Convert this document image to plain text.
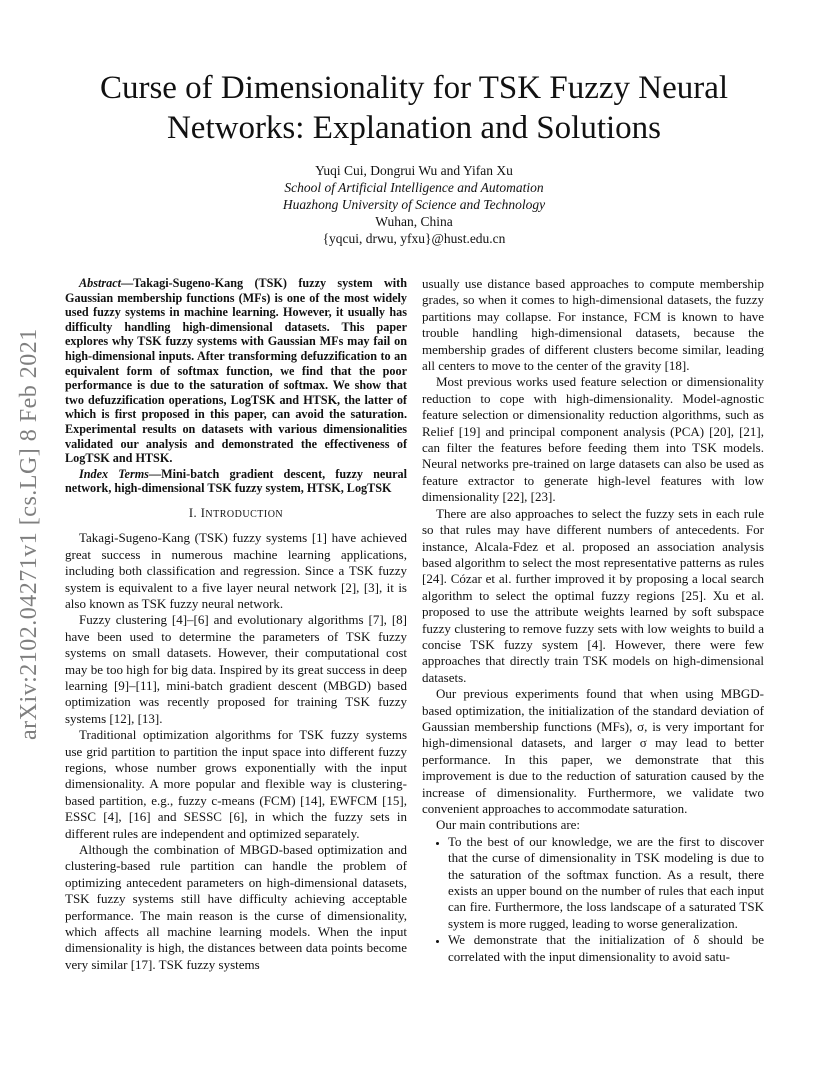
arXiv:2102.04271v1 [cs.LG] 8 Feb 2021
Curse of Dimensionality for TSK Fuzzy Neural Networks: Explanation and Solutions
Yuqi Cui, Dongrui Wu and Yifan Xu
School of Artificial Intelligence and Automation
Huazhong University of Science and Technology
Wuhan, China
{yqcui, drwu, yfxu}@hust.edu.cn

Abstract—Takagi-Sugeno-Kang (TSK) fuzzy system with Gaussian membership functions (MFs) is one of the most widely used fuzzy systems in machine learning. However, it usually has difficulty handling high-dimensional datasets. This paper explores why TSK fuzzy systems with Gaussian MFs may fail on high-dimensional inputs. After transforming defuzzification to an equivalent form of softmax function, we find that the poor performance is due to the saturation of softmax. We show that two defuzzification operations, LogTSK and HTSK, the latter of which is first proposed in this paper, can avoid the saturation. Experimental results on datasets with various dimensionalities validated our analysis and demonstrated the effectiveness of LogTSK and HTSK.

Index Terms—Mini-batch gradient descent, fuzzy neural network, high-dimensional TSK fuzzy system, HTSK, LogTSK

I. INTRODUCTION

Takagi-Sugeno-Kang (TSK) fuzzy systems [1] have achieved great success in numerous machine learning applications, including both classification and regression. Since a TSK fuzzy system is equivalent to a five layer neural network [2], [3], it is also known as TSK fuzzy neural network.

Fuzzy clustering [4]–[6] and evolutionary algorithms [7], [8] have been used to determine the parameters of TSK fuzzy systems on small datasets. However, their computational cost may be too high for big data. Inspired by its great success in deep learning [9]–[11], mini-batch gradient descent (MBGD) based optimization was recently proposed for training TSK fuzzy systems [12], [13].

Traditional optimization algorithms for TSK fuzzy systems use grid partition to partition the input space into different fuzzy regions, whose number grows exponentially with the input dimensionality. A more popular and flexible way is clustering-based partition, e.g., fuzzy c-means (FCM) [14], EWFCM [15], ESSC [4], [16] and SESSC [6], in which the fuzzy sets in different rules are independent and optimized separately.

Although the combination of MBGD-based optimization and clustering-based rule partition can handle the problem of optimizing antecedent parameters on high-dimensional datasets, TSK fuzzy systems still have difficulty achieving acceptable performance. The main reason is the curse of dimensionality, which affects all machine learning models. When the input dimensionality is high, the distances between data points become very similar [17]. TSK fuzzy systems

usually use distance based approaches to compute membership grades, so when it comes to high-dimensional datasets, the fuzzy partitions may collapse. For instance, FCM is known to have trouble handling high-dimensional datasets, because the membership grades of different clusters become similar, leading all centers to move to the center of the gravity [18].

Most previous works used feature selection or dimensionality reduction to cope with high-dimensionality. Model-agnostic feature selection or dimensionality reduction algorithms, such as Relief [19] and principal component analysis (PCA) [20], [21], can filter the features before feeding them into TSK models. Neural networks pre-trained on large datasets can also be used as feature extractor to generate high-level features with low dimensionality [22], [23].

There are also approaches to select the fuzzy sets in each rule so that rules may have different numbers of antecedents. For instance, Alcala-Fdez et al. proposed an association analysis based algorithm to select the most representative patterns as rules [24]. Cózar et al. further improved it by proposing a local search algorithm to select the optimal fuzzy regions [25]. Xu et al. proposed to use the attribute weights learned by soft subspace fuzzy clustering to remove fuzzy sets with low weights to build a concise TSK fuzzy system [4]. However, there were few approaches that directly train TSK models on high-dimensional datasets.

Our previous experiments found that when using MBGD-based optimization, the initialization of the standard deviation of Gaussian membership functions (MFs), σ, is very important for high-dimensional datasets, and larger σ may lead to better performance. In this paper, we demonstrate that this improvement is due to the reduction of saturation caused by the increase of dimensionality. Furthermore, we validate two convenient approaches to accommodate saturation.

Our main contributions are:

• To the best of our knowledge, we are the first to discover that the curse of dimensionality in TSK modeling is due to the saturation of the softmax function. As a result, there exists an upper bound on the number of rules that each input can fire. Furthermore, the loss landscape of a saturated TSK system is more rugged, leading to worse generalization.
• We demonstrate that the initialization of δ should be correlated with the input dimensionality to avoid satu-
